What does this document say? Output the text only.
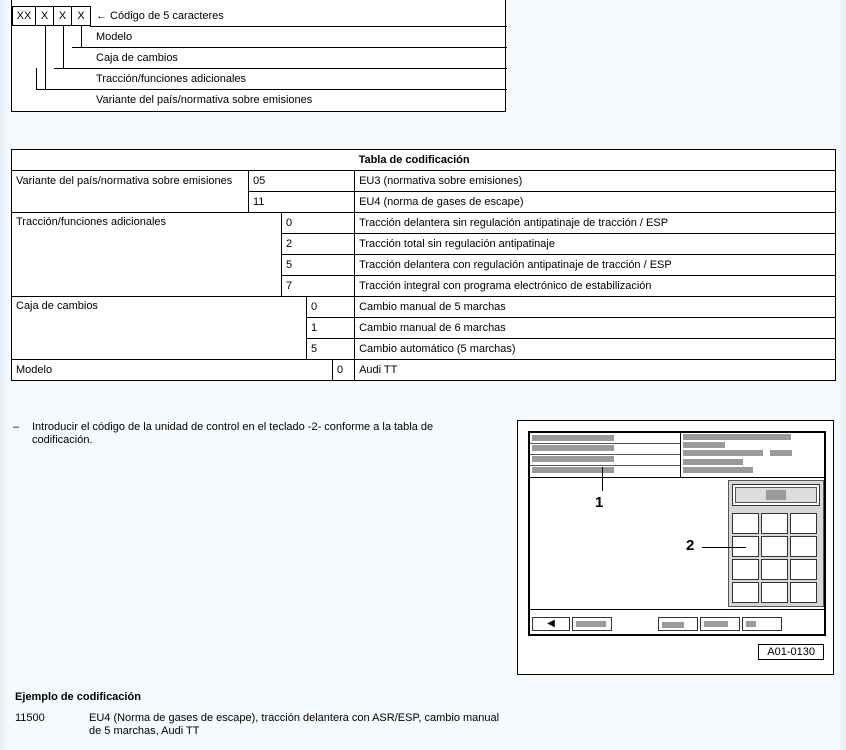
XX X X	X	← Código de 5 caracteres
Modelo
Caja de cambios
Tracción/funciones adicionales
Variante del país/normativa sobre emisiones
					Tabla de codificación
Variante del país/normativa sobre emisiones	05				EU3 (normativa sobre emisiones)
	11				EU4 (norma de gases de escape)
Tracción/funciones adicionales		0			Tracción delantera sin regulación antipatinaje de tracción / ESP
		2			Tracción total sin regulación antipatinaje
		5			Tracción delantera con regulación antipatinaje de tracción / ESP
		7			Tracción integral con programa electrónico de estabilización
Caja de cambios			0		Cambio manual de 5 marchas
			1		Cambio manual de 6 marchas
			5		Cambio automático (5 marchas)
Modelo				0	Audi TT
– Introducir el código de la unidad de control en el teclado -2- conforme a la tabla de codificación.
◀
1
2
A01-0130
Ejemplo de codificación
11500	EU4 (Norma de gases de escape), tracción delantera con ASR/ESP, cambio manual de 5 marchas, Audi TT
